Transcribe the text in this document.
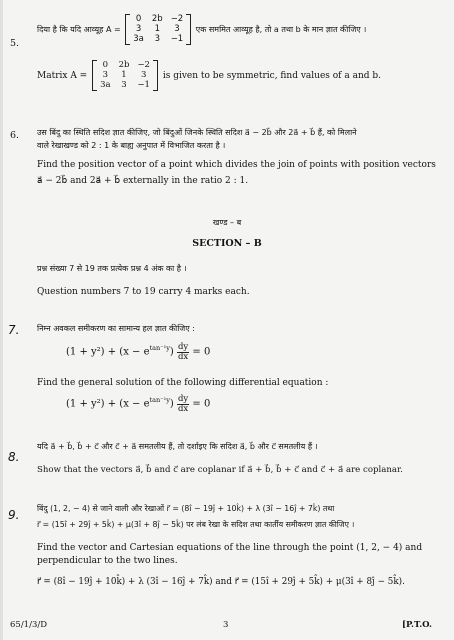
5.
दिया है कि यदि आव्यूह A =
0	2b	−2
3	1	3
3a	3	−1
एक सममित आव्यूह है, तो a तथा b के मान ज्ञात कीजिए ।
Matrix A =
0	2b	−2
3	1	3
3a	3	−1
is given to be symmetric, find values of a and b.
6. उस बिंदु का स्थिति सदिश ज्ञात कीजिए, जो बिंदुओं जिनके स्थिति सदिश a⃗ − 2b⃗ और 2a⃗ + b⃗ हैं, को मिलाने
वाले रेखाखण्ड को 2 : 1 के बाह्य अनुपात में विभाजित करता है ।
Find the position vector of a point which divides the join of points with position vectors
a⃗ − 2b⃗ and 2a⃗ + b⃗ externally in the ratio 2 : 1.
खण्ड – ब
SECTION – B
प्रश्न संख्या 7 से 19 तक प्रत्येक प्रश्न 4 अंक का है ।
Question numbers 7 to 19 carry 4 marks each.
7. निम्न अवकल समीकरण का सामान्य हल ज्ञात कीजिए :
$(1 + y^2) + (x - e^{tan^{-1}y}) \frac{dy}{dx} = 0$
Find the general solution of the following differential equation :
$(1 + y^2) + (x - e^{tan^{-1}y}) \frac{dy}{dx} = 0$
8.
यदि a⃗ + b⃗, b⃗ + c⃗ और c⃗ + a⃗ समतलीय हैं, तो दर्शाइए कि सदिश a⃗, b⃗ और c⃗ समतलीय हैं ।
Show that the vectors a⃗, b⃗ and c⃗ are coplanar if a⃗ + b⃗, b⃗ + c⃗ and c⃗ + a⃗ are coplanar.
9. बिंदु (1, 2, − 4) से जाने वाली और रेखाओं r⃗ = (8î − 19ĵ + 10k̂) + λ (3î − 16ĵ + 7k̂) तथा
r⃗ = (15î + 29ĵ + 5k̂) + μ(3î + 8ĵ − 5k̂) पर लंब रेखा के सदिश तथा कार्तीय समीकरण ज्ञात कीजिए ।
Find the vector and Cartesian equations of the line through the point (1, 2, − 4) and
perpendicular to the two lines.
r⃗ = (8î − 19ĵ + 10k̂) + λ (3î − 16ĵ + 7k̂) and r⃗ = (15î + 29ĵ + 5k̂) + μ(3î + 8ĵ − 5k̂).
65/1/3/D	3	[P.T.O.
